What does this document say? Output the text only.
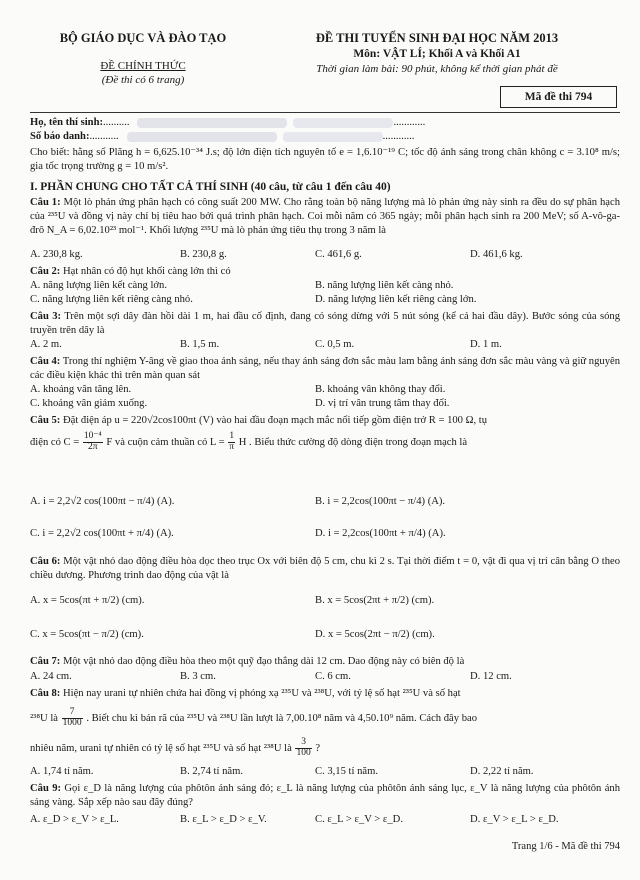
BỘ GIÁO DỤC VÀ ĐÀO TẠO
ĐỀ CHÍNH THỨC
(Đề thi có 6 trang)
ĐỀ THI TUYỂN SINH ĐẠI HỌC NĂM 2013
Môn: VẬT LÍ; Khối A và Khối A1
Thời gian làm bài: 90 phút, không kể thời gian phát đề
Mã đề thi 794
Họ, tên thí sinh:..........	............
Số báo danh:...........	............
Cho biết: hằng số Plăng h = 6,625.10⁻³⁴ J.s; độ lớn điện tích nguyên tố e = 1,6.10⁻¹⁹ C; tốc độ ánh sáng trong chân không c = 3.10⁸ m/s; gia tốc trọng trường g = 10 m/s².
I. PHẦN CHUNG CHO TẤT CẢ THÍ SINH (40 câu, từ câu 1 đến câu 40)
Câu 1: Một lò phản ứng phân hạch có công suất 200 MW. Cho rằng toàn bộ năng lượng mà lò phản ứng này sinh ra đều do sự phân hạch của ²³⁵U và đồng vị này chỉ bị tiêu hao bởi quá trình phân hạch. Coi mỗi năm có 365 ngày; mỗi phân hạch sinh ra 200 MeV; số A-vô-ga-đrô N_A = 6,02.10²³ mol⁻¹. Khối lượng ²³⁵U mà lò phản ứng tiêu thụ trong 3 năm là
A. 230,8 kg.	B. 230,8 g.	C. 461,6 g.	D. 461,6 kg.
Câu 2: Hạt nhân có độ hụt khối càng lớn thì có
A. năng lượng liên kết càng lớn.	B. năng lượng liên kết càng nhỏ.
C. năng lượng liên kết riêng càng nhỏ.	D. năng lượng liên kết riêng càng lớn.
Câu 3: Trên một sợi dây đàn hồi dài 1 m, hai đầu cố định, đang có sóng dừng với 5 nút sóng (kể cả hai đầu dây). Bước sóng của sóng truyền trên dây là
A. 2 m.	B. 1,5 m.	C. 0,5 m.	D. 1 m.
Câu 4: Trong thí nghiệm Y-âng về giao thoa ánh sáng, nếu thay ánh sáng đơn sắc màu lam bằng ánh sáng đơn sắc màu vàng và giữ nguyên các điều kiện khác thì trên màn quan sát
A. khoảng vân tăng lên.	B. khoảng vân không thay đổi.
C. khoảng vân giảm xuống.	D. vị trí vân trung tâm thay đổi.
Câu 5: Đặt điện áp u = 220√2cos100πt (V) vào hai đầu đoạn mạch mắc nối tiếp gồm điện trở R = 100 Ω, tụ
điện có $C = \frac{\text{10⁻⁴}}{2\pi}$ F và cuộn cảm thuần có $L = \frac{1}{\pi}$ H . Biểu thức cường độ dòng điện trong đoạn mạch là
A. i = 2,2√2 cos(100πt − π/4) (A).	B. i = 2,2cos(100πt − π/4) (A).
C. i = 2,2√2 cos(100πt + π/4) (A).	D. i = 2,2cos(100πt + π/4) (A).
Câu 6: Một vật nhỏ dao động điều hòa dọc theo trục Ox với biên độ 5 cm, chu kì 2 s. Tại thời điểm t = 0, vật đi qua vị trí cân bằng O theo chiều dương. Phương trình dao động của vật là
A. x = 5cos(πt + π/2) (cm).	B. x = 5cos(2πt + π/2) (cm).
C. x = 5cos(πt − π/2) (cm).	D. x = 5cos(2πt − π/2) (cm).
Câu 7: Một vật nhỏ dao động điều hòa theo một quỹ đạo thẳng dài 12 cm. Dao động này có biên độ là
A. 24 cm.	B. 3 cm.	C. 6 cm.	D. 12 cm.
Câu 8: Hiện nay urani tự nhiên chứa hai đồng vị phóng xạ ²³⁵U và ²³⁸U, với tỷ lệ số hạt ²³⁵U và số hạt
²³⁸U là $\frac{7}{1000}$ . Biết chu kì bán rã của ²³⁵U và ²³⁸U lần lượt là 7,00.10⁸ năm và 4,50.10⁹ năm. Cách đây bao
nhiêu năm, urani tự nhiên có tỷ lệ số hạt ²³⁵U và số hạt ²³⁸U là $\frac{3}{100}$ ?
A. 1,74 tỉ năm.	B. 2,74 tỉ năm.	C. 3,15 tỉ năm.	D. 2,22 tỉ năm.
Câu 9: Gọi ε_D là năng lượng của phôtôn ánh sáng đỏ; ε_L là năng lượng của phôtôn ánh sáng lục, ε_V là năng lượng của phôtôn ánh sáng vàng. Sắp xếp nào sau đây đúng?
A. ε_D > ε_V > ε_L.	B. ε_L > ε_D > ε_V.	C. ε_L > ε_V > ε_D.	D. ε_V > ε_L > ε_D.
Trang 1/6 - Mã đề thi 794
